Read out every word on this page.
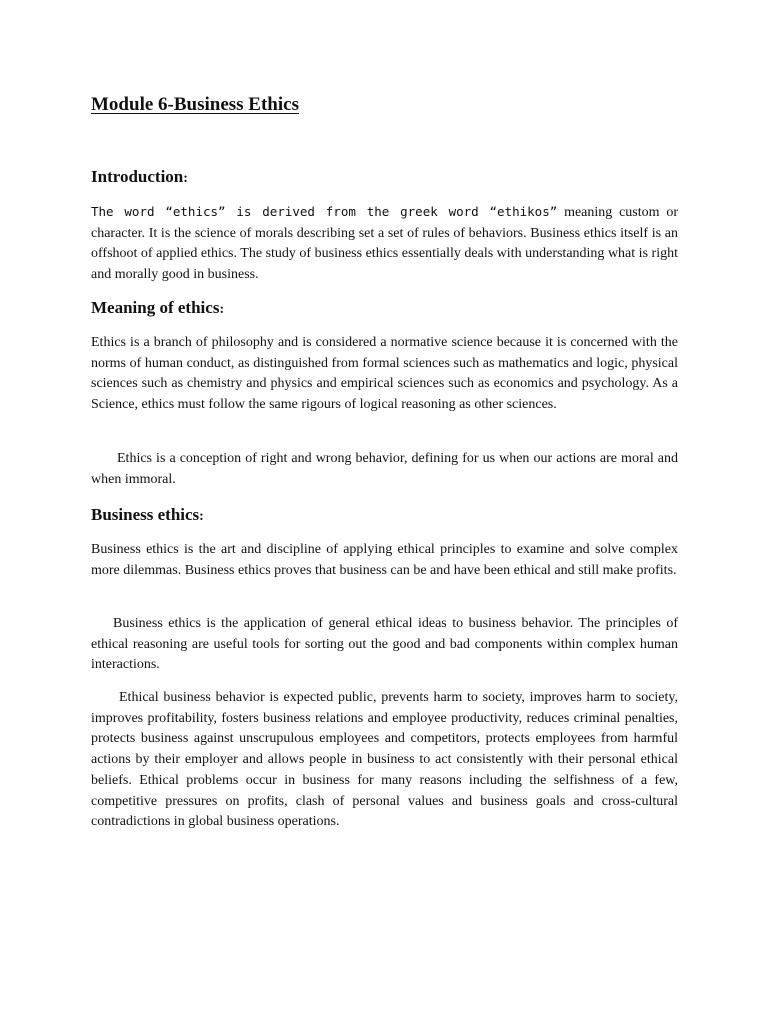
Module 6-Business Ethics
Introduction:

The word “ethics” is derived from the greek word “ethikos” meaning custom or character. It is the science of morals describing set a set of rules of behaviors. Business ethics itself is an offshoot of applied ethics. The study of business ethics essentially deals with understanding what is right and morally good in business.

Meaning of ethics:

Ethics is a branch of philosophy and is considered a normative science because it is concerned with the norms of human conduct, as distinguished from formal sciences such as mathematics and logic, physical sciences such as chemistry and physics and empirical sciences such as economics and psychology. As a Science, ethics must follow the same rigours of logical reasoning as other sciences.

Ethics is a conception of right and wrong behavior, defining for us when our actions are moral and when immoral.

Business ethics:

Business ethics is the art and discipline of applying ethical principles to examine and solve complex more dilemmas. Business ethics proves that business can be and have been ethical and still make profits.

Business ethics is the application of general ethical ideas to business behavior. The principles of ethical reasoning are useful tools for sorting out the good and bad components within complex human interactions.

Ethical business behavior is expected public, prevents harm to society, improves harm to society, improves profitability, fosters business relations and employee productivity, reduces criminal penalties, protects business against unscrupulous employees and competitors, protects employees from harmful actions by their employer and allows people in business to act consistently with their personal ethical beliefs. Ethical problems occur in business for many reasons including the selfishness of a few, competitive pressures on profits, clash of personal values and business goals and cross-cultural contradictions in global business operations.
